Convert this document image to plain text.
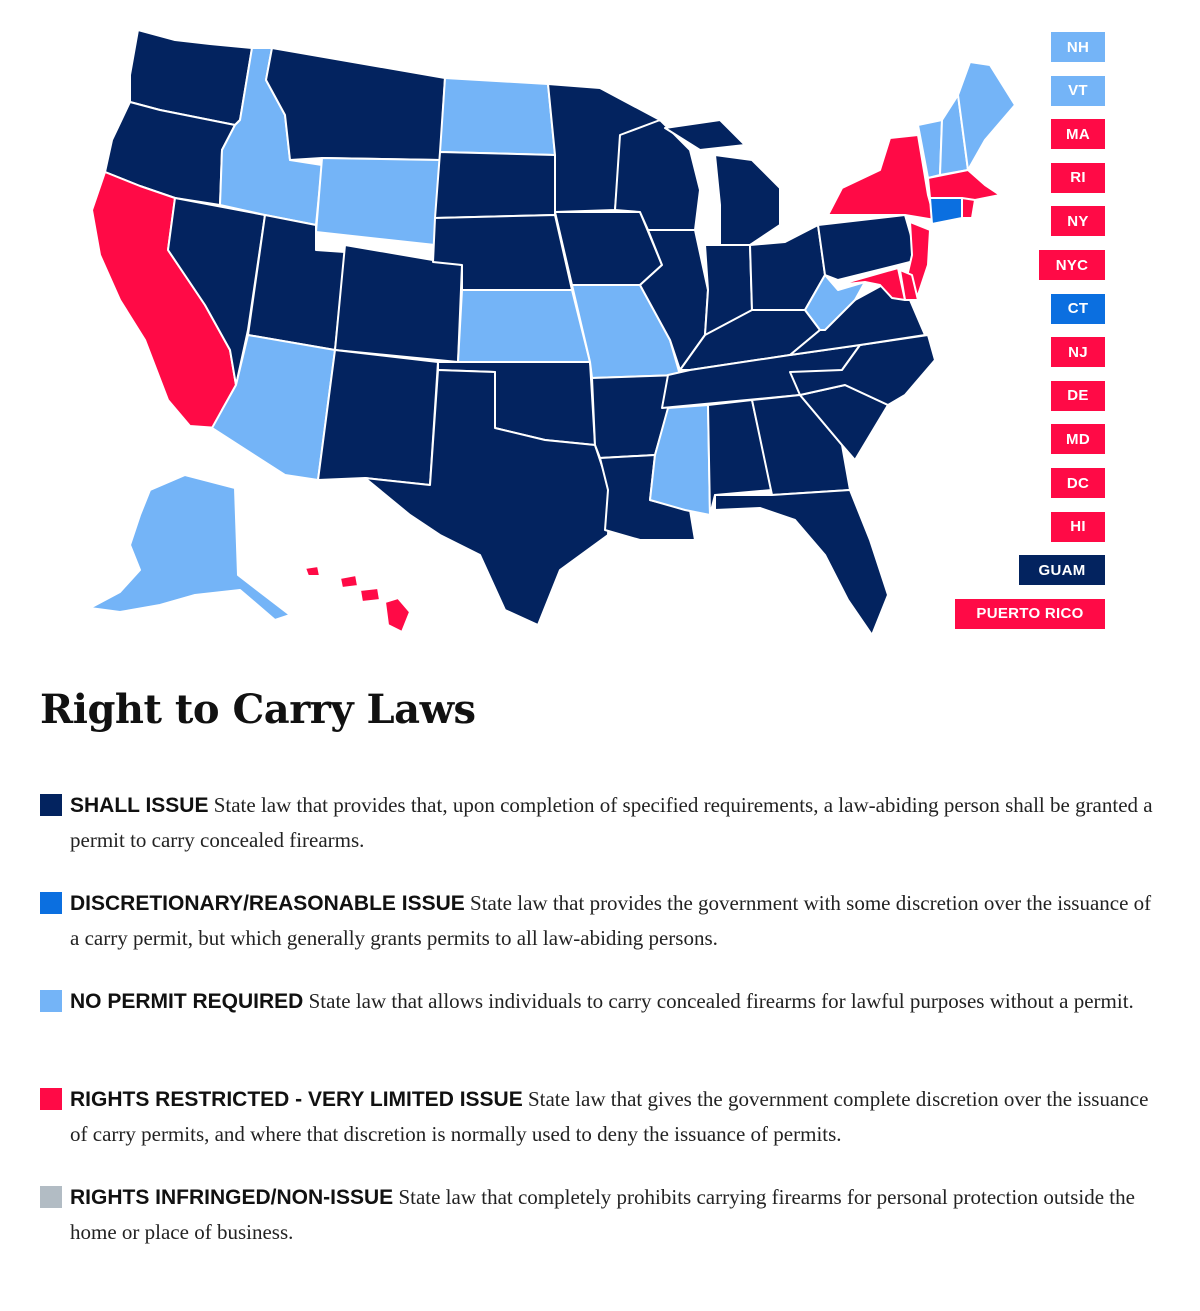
NH
VT
MA
RI
NY
NYC
CT
NJ
DE
MD
DC
HI
GUAM
PUERTO RICO
Right to Carry Laws

SHALL ISSUE State law that provides that, upon completion of specified requirements, a law-abiding person shall be granted a permit to carry concealed firearms.

DISCRETIONARY/REASONABLE ISSUE State law that provides the government with some discretion over the issuance of a carry permit, but which generally grants permits to all law-abiding persons.

NO PERMIT REQUIRED State law that allows individuals to carry concealed firearms for lawful purposes without a permit.

RIGHTS RESTRICTED - VERY LIMITED ISSUE State law that gives the government complete discretion over the issuance of carry permits, and where that discretion is normally used to deny the issuance of permits.

RIGHTS INFRINGED/NON-ISSUE State law that completely prohibits carrying firearms for personal protection outside the home or place of business.
